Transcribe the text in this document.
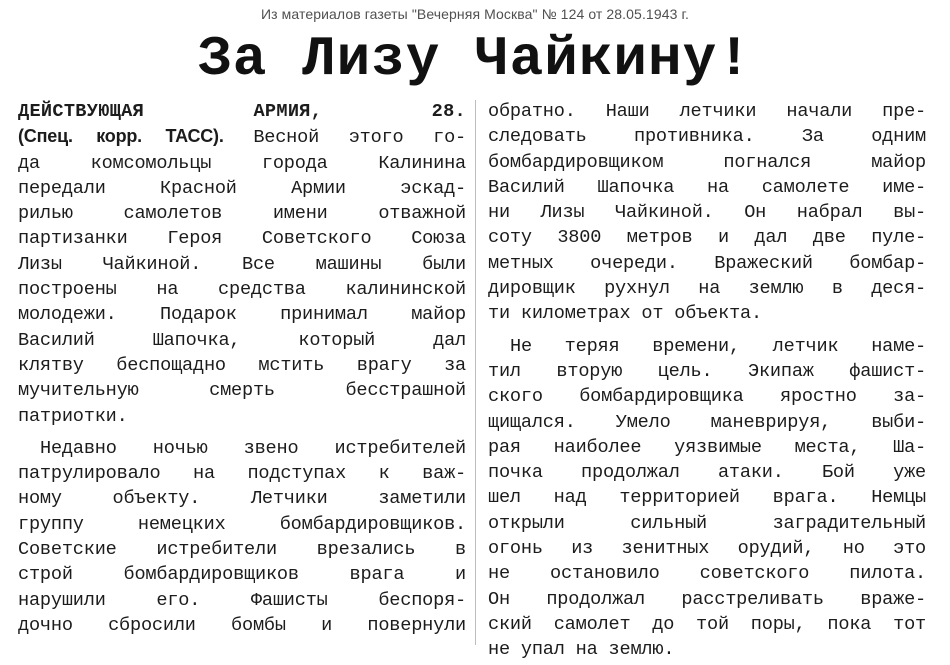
Из материалов газеты "Вечерняя Москва" № 124 от 28.05.1943 г.
За Лизу Чайкину!

ДЕЙСТВУЮЩАЯ АРМИЯ,	28.
(Спец. корр. ТАСС). Весной этого го-
да комсомольцы города Калинина
передали Красной Армии эскад-
рилью самолетов имени отважной
партизанки Героя Советского Союза
Лизы Чайкиной. Все машины были
построены на средства калининской
молодежи. Подарок принимал майор
Василий Шапочка, который дал
клятву беспощадно мстить врагу за
мучительную смерть бесстрашной
патриотки.

Недавно ночью звено истребителей
патрулировало на подступах к важ-
ному объекту. Летчики заметили
группу немецких бомбардировщиков.
Советские истребители врезались в
строй бомбардировщиков врага и
нарушили его. Фашисты беспоря-
дочно сбросили бомбы и повернули

обратно. Наши летчики начали пре-
следовать противника. За одним
бомбардировщиком погнался майор
Василий Шапочка на самолете име-
ни Лизы Чайкиной. Он набрал вы-
соту 3800 метров и дал две пуле-
метных очереди. Вражеский бомбар-
дировщик рухнул на землю в деся-
ти километрах от объекта.

Не теряя времени, летчик наме-
тил вторую цель. Экипаж фашист-
ского бомбардировщика яростно за-
щищался. Умело маневрируя, выби-
рая наиболее уязвимые места, Ша-
почка продолжал атаки. Бой уже
шел над территорией врага. Немцы
открыли сильный заградительный
огонь из зенитных орудий, но это
не остановило советского пилота.
Он продолжал расстреливать враже-
ский самолет до той поры, пока тот
не упал на землю.
